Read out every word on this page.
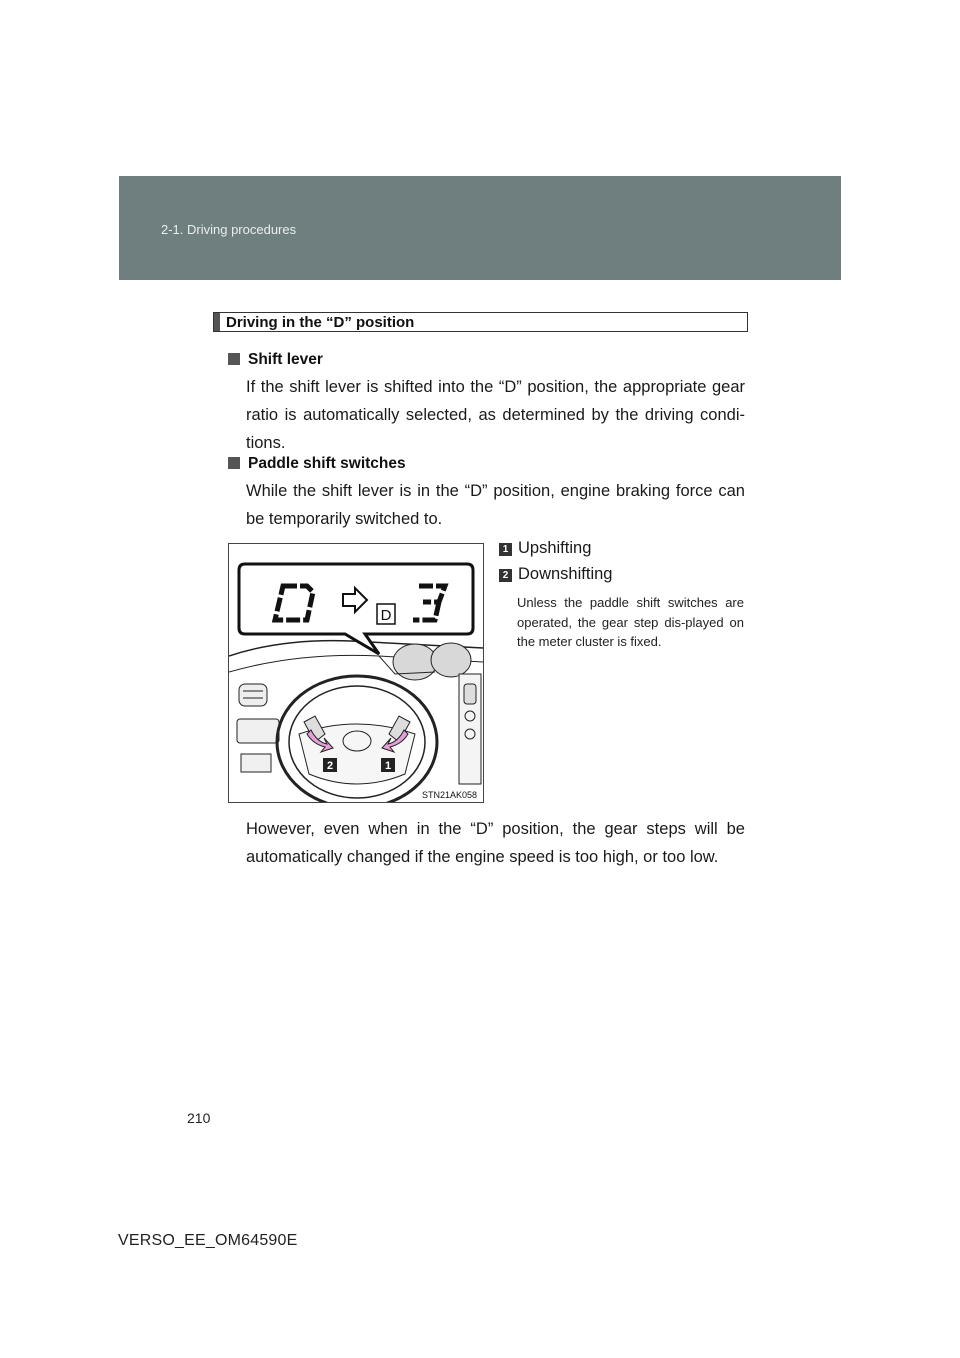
2-1. Driving procedures
Driving in the “D” position
Shift lever
If the shift lever is shifted into the “D” position, the appropriate gear ratio is automatically selected, as determined by the driving condi-tions.
Paddle shift switches
While the shift lever is in the “D” position, engine braking force can be temporarily switched to.
D
2	1
STN21AK058
1 Upshifting
2 Downshifting
Unless the paddle shift switches are operated, the gear step dis-played on the meter cluster is fixed.
However, even when in the “D” position, the gear steps will be automatically changed if the engine speed is too high, or too low.
210
VERSO_EE_OM64590E
